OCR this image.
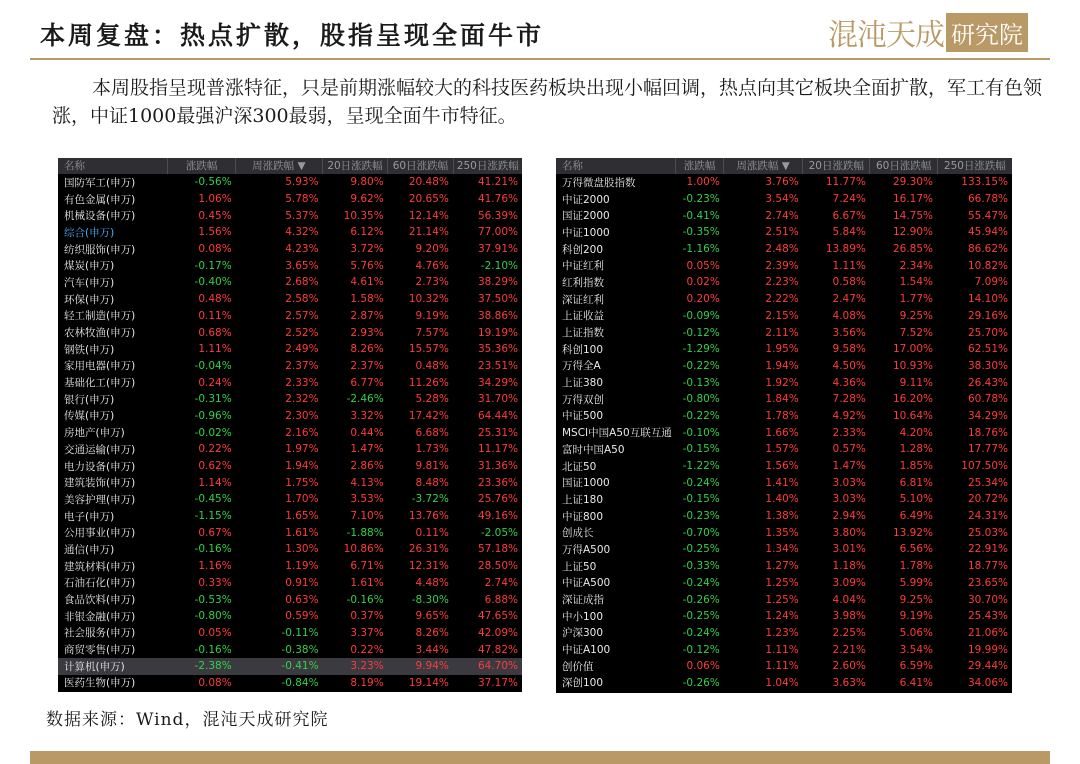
本周复盘：热点扩散，股指呈现全面牛市	混沌天成 研究院
本周股指呈现普涨特征，只是前期涨幅较大的科技医药板块出现小幅回调，热点向其它板块全面扩散，军工有色领涨，中证1000最强沪深300最弱，呈现全面牛市特征。
名称	涨跌幅	周涨跌幅 ▼	20日涨跌幅 60日涨跌幅 250日涨跌幅
国防军工(申万)	-0.56%	5.93%	9.80%	20.48%	41.21%
有色金属(申万)	1.06%	5.78%	9.62%	20.65%	41.76%
机械设备(申万)	0.45%	5.37%	10.35%	12.14%	56.39%
综合(申万)	1.56%	4.32%	6.12%	21.14%	77.00%
纺织服饰(申万)	0.08%	4.23%	3.72%	9.20%	37.91%
煤炭(申万)	-0.17%	3.65%	5.76%	4.76%	-2.10%
汽车(申万)	-0.40%	2.68%	4.61%	2.73%	38.29%
环保(申万)	0.48%	2.58%	1.58%	10.32%	37.50%
轻工制造(申万)	0.11%	2.57%	2.87%	9.19%	38.86%
农林牧渔(申万)	0.68%	2.52%	2.93%	7.57%	19.19%
钢铁(申万)	1.11%	2.49%	8.26%	15.57%	35.36%
家用电器(申万)	-0.04%	2.37%	2.37%	0.48%	23.51%
基础化工(申万)	0.24%	2.33%	6.77%	11.26%	34.29%
银行(申万)	-0.31%	2.32%	-2.46%	5.28%	31.70%
传媒(申万)	-0.96%	2.30%	3.32%	17.42%	64.44%
房地产(申万)	-0.02%	2.16%	0.44%	6.68%	25.31%
交通运输(申万)	0.22%	1.97%	1.47%	1.73%	11.17%
电力设备(申万)	0.62%	1.94%	2.86%	9.81%	31.36%
建筑装饰(申万)	1.14%	1.75%	4.13%	8.48%	23.36%
美容护理(申万)	-0.45%	1.70%	3.53%	-3.72%	25.76%
电子(申万)	-1.15%	1.65%	7.10%	13.76%	49.16%
公用事业(申万)	0.67%	1.61%	-1.88%	0.11%	-2.05%
通信(申万)	-0.16%	1.30%	10.86%	26.31%	57.18%
建筑材料(申万)	1.16%	1.19%	6.71%	12.31%	28.50%
石油石化(申万)	0.33%	0.91%	1.61%	4.48%	2.74%
食品饮料(申万)	-0.53%	0.63%	-0.16%	-8.30%	6.88%
非银金融(申万)	-0.80%	0.59%	0.37%	9.65%	47.65%
社会服务(申万)	0.05%	-0.11%	3.37%	8.26%	42.09%
商贸零售(申万)	-0.16%	-0.38%	0.22%	3.44%	47.82%
计算机(申万)	-2.38%	-0.41%	3.23%	9.94%	64.70%
医药生物(申万)	0.08%	-0.84%	8.19%	19.14%	37.17%
名称	涨跌幅	周涨跌幅 ▼	20日涨跌幅	60日涨跌幅	250日涨跌幅
万得微盘股指数	1.00%	3.76%	11.77%	29.30%	133.15%
中证2000	-0.23%	3.54%	7.24%	16.17%	66.78%
国证2000	-0.41%	2.74%	6.67%	14.75%	55.47%
中证1000	-0.35%	2.51%	5.84%	12.90%	45.94%
科创200	-1.16%	2.48%	13.89%	26.85%	86.62%
中证红利	0.05%	2.39%	1.11%	2.34%	10.82%
红利指数	0.02%	2.23%	0.58%	1.54%	7.09%
深证红利	0.20%	2.22%	2.47%	1.77%	14.10%
上证收益	-0.09%	2.15%	4.08%	9.25%	29.16%
上证指数	-0.12%	2.11%	3.56%	7.52%	25.70%
科创100	-1.29%	1.95%	9.58%	17.00%	62.51%
万得全A	-0.22%	1.94%	4.50%	10.93%	38.30%
上证380	-0.13%	1.92%	4.36%	9.11%	26.43%
万得双创	-0.80%	1.84%	7.28%	16.20%	60.78%
中证500	-0.22%	1.78%	4.92%	10.64%	34.29%
MSCI中国A50互联互通	-0.10%	1.66%	2.33%	4.20%	18.76%
富时中国A50	-0.15%	1.57%	0.57%	1.28%	17.77%
北证50	-1.22%	1.56%	1.47%	1.85%	107.50%
国证1000	-0.24%	1.41%	3.03%	6.81%	25.34%
上证180	-0.15%	1.40%	3.03%	5.10%	20.72%
中证800	-0.23%	1.38%	2.94%	6.49%	24.31%
创成长	-0.70%	1.35%	3.80%	13.92%	25.03%
万得A500	-0.25%	1.34%	3.01%	6.56%	22.91%
上证50	-0.33%	1.27%	1.18%	1.78%	18.77%
中证A500	-0.24%	1.25%	3.09%	5.99%	23.65%
深证成指	-0.26%	1.25%	4.04%	9.25%	30.70%
中小100	-0.25%	1.24%	3.98%	9.19%	25.43%
沪深300	-0.24%	1.23%	2.25%	5.06%	21.06%
中证A100	-0.12%	1.11%	2.21%	3.54%	19.99%
创价值	0.06%	1.11%	2.60%	6.59%	29.44%
深创100	-0.26%	1.04%	3.63%	6.41%	34.06%
数据来源：Wind，混沌天成研究院
